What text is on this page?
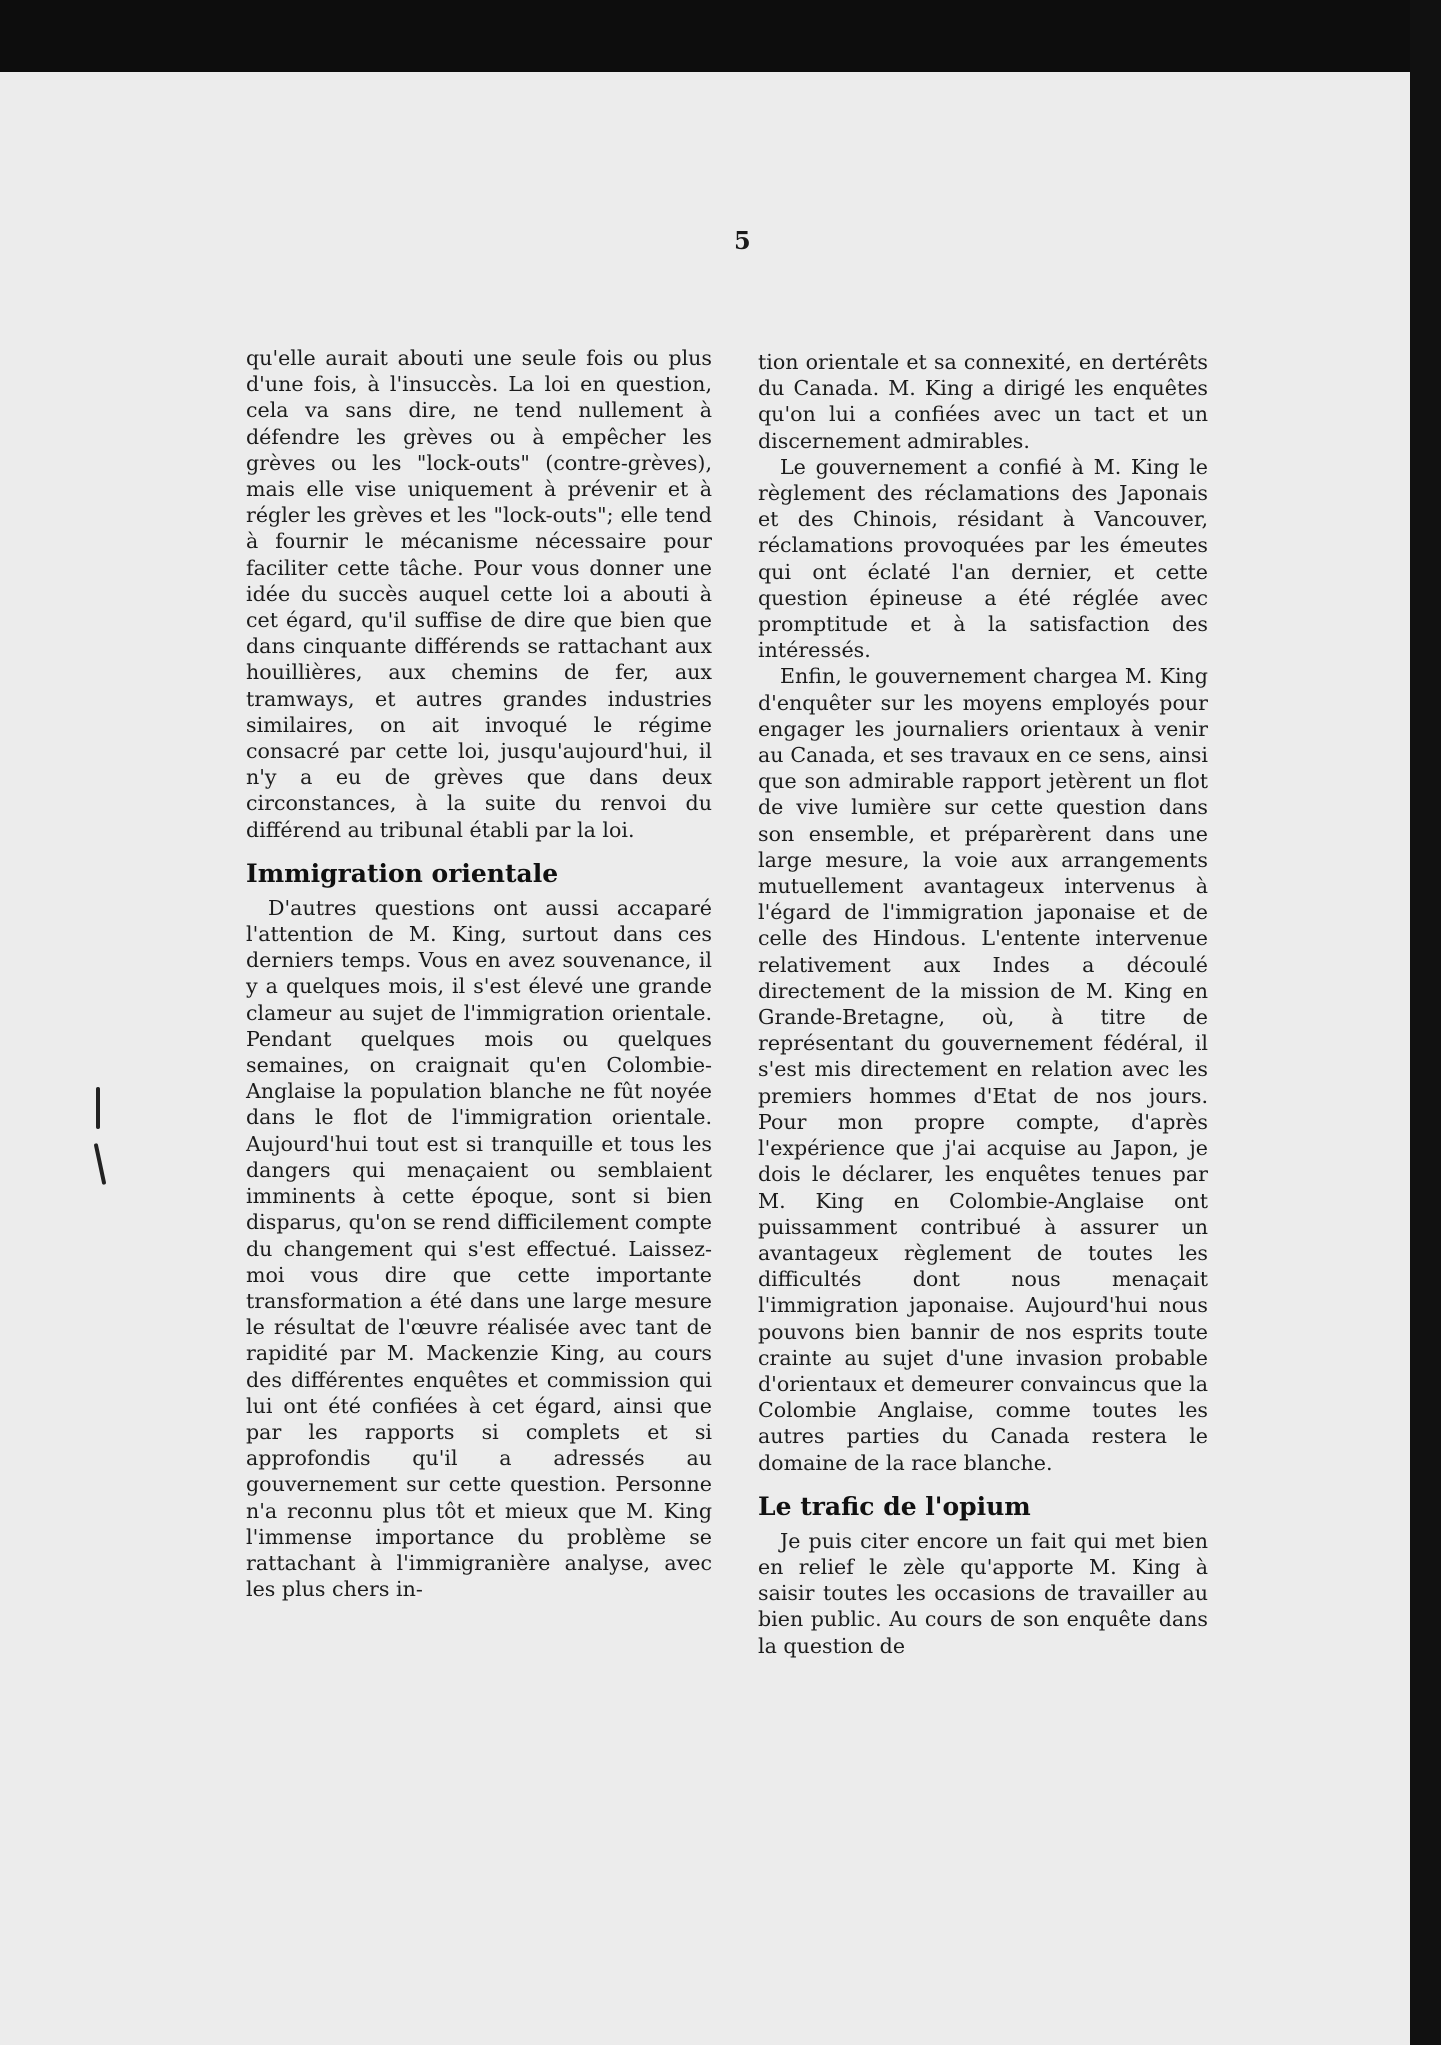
5

qu'elle aurait abouti une seule fois ou plus d'une fois, à l'insuccès. La loi en question, cela va sans dire, ne tend nullement à défendre les grèves ou à empêcher les grèves ou les "lock-outs" (contre-grèves), mais elle vise uniquement à prévenir et à régler les grèves et les "lock-outs"; elle tend à fournir le mécanisme nécessaire pour faciliter cette tâche. Pour vous donner une idée du succès auquel cette loi a abouti à cet égard, qu'il suffise de dire que bien que dans cinquante différends se rattachant aux houillières, aux chemins de fer, aux tramways, et autres grandes industries similaires, on ait invoqué le régime consacré par cette loi, jusqu'aujourd'hui, il n'y a eu de grèves que dans deux circonstances, à la suite du renvoi du différend au tribunal établi par la loi.

Immigration orientale

D'autres questions ont aussi accaparé l'attention de M. King, surtout dans ces derniers temps. Vous en avez souvenance, il y a quelques mois, il s'est élevé une grande clameur au sujet de l'immigration orientale. Pendant quelques mois ou quelques semaines, on craignait qu'en Colombie-Anglaise la population blanche ne fût noyée dans le flot de l'immigration orientale. Aujourd'hui tout est si tranquille et tous les dangers qui menaçaient ou semblaient imminents à cette époque, sont si bien disparus, qu'on se rend difficilement compte du changement qui s'est effectué. Laissez-moi vous dire que cette importante transformation a été dans une large mesure le résultat de l'œuvre réalisée avec tant de rapidité par M. Mackenzie King, au cours des différentes enquêtes et commission qui lui ont été confiées à cet égard, ainsi que par les rapports si complets et si approfondis qu'il a adressés au gouvernement sur cette question. Personne n'a reconnu plus tôt et mieux que M. King l'immense importance du problème se rattachant à l'immigranière analyse, avec les plus chers in-

tion orientale et sa connexité, en dertérêts du Canada. M. King a dirigé les enquêtes qu'on lui a confiées avec un tact et un discernement admirables.

Le gouvernement a confié à M. King le règlement des réclamations des Japonais et des Chinois, résidant à Vancouver, réclamations provoquées par les émeutes qui ont éclaté l'an dernier, et cette question épineuse a été réglée avec promptitude et à la satisfaction des intéressés.

Enfin, le gouvernement chargea M. King d'enquêter sur les moyens employés pour engager les journaliers orientaux à venir au Canada, et ses travaux en ce sens, ainsi que son admirable rapport jetèrent un flot de vive lumière sur cette question dans son ensemble, et préparèrent dans une large mesure, la voie aux arrangements mutuellement avantageux intervenus à l'égard de l'immigration japonaise et de celle des Hindous. L'entente intervenue relativement aux Indes a découlé directement de la mission de M. King en Grande-Bretagne, où, à titre de représentant du gouvernement fédéral, il s'est mis directement en relation avec les premiers hommes d'Etat de nos jours. Pour mon propre compte, d'après l'expérience que j'ai acquise au Japon, je dois le déclarer, les enquêtes tenues par M. King en Colombie-Anglaise ont puissamment contribué à assurer un avantageux règlement de toutes les difficultés dont nous menaçait l'immigration japonaise. Aujourd'hui nous pouvons bien bannir de nos esprits toute crainte au sujet d'une invasion probable d'orientaux et demeurer convaincus que la Colombie Anglaise, comme toutes les autres parties du Canada restera le domaine de la race blanche.

Le trafic de l'opium

Je puis citer encore un fait qui met bien en relief le zèle qu'apporte M. King à saisir toutes les occasions de travailler au bien public. Au cours de son enquête dans la question de
